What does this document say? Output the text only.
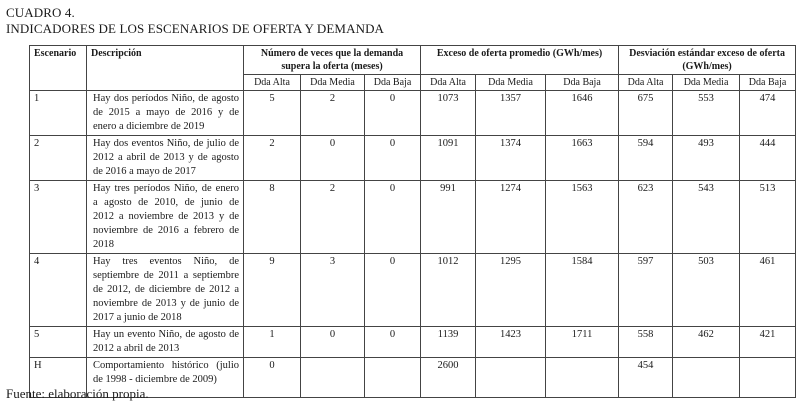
CUADRO 4.
INDICADORES DE LOS ESCENARIOS DE OFERTA Y DEMANDA
Escenario	Descripción	Número de veces que la demanda supera la oferta (meses)			Exceso de oferta promedio (GWh/mes)			Desviación estándar exceso de oferta (GWh/mes)		
		Dda Alta	Dda Media	Dda Baja	Dda Alta	Dda Media	Dda Baja	Dda Alta	Dda Media	Dda Baja
1	Hay dos períodos Niño, de agosto de 2015 a mayo de 2016 y de enero a diciembre de 2019	5	2	0	1073	1357	1646	675	553	474
2	Hay dos eventos Niño, de julio de 2012 a abril de 2013 y de agosto de 2016 a mayo de 2017	2	0	0	1091	1374	1663	594	493	444
3	Hay tres períodos Niño, de enero a agosto de 2010, de junio de 2012 a noviembre de 2013 y de noviembre de 2016 a febrero de 2018	8	2	0	991	1274	1563	623	543	513
4	Hay tres eventos Niño, de septiembre de 2011 a septiembre de 2012, de diciembre de 2012 a noviembre de 2013 y de junio de 2017 a junio de 2018	9	3	0	1012	1295	1584	597	503	461
5	Hay un evento Niño, de agosto de 2012 a abril de 2013	1	0	0	1139	1423	1711	558	462	421
H	Comportamiento histórico (julio de 1998 - diciembre de 2009)	0			2600			454		
Fuente: elaboración propia.
